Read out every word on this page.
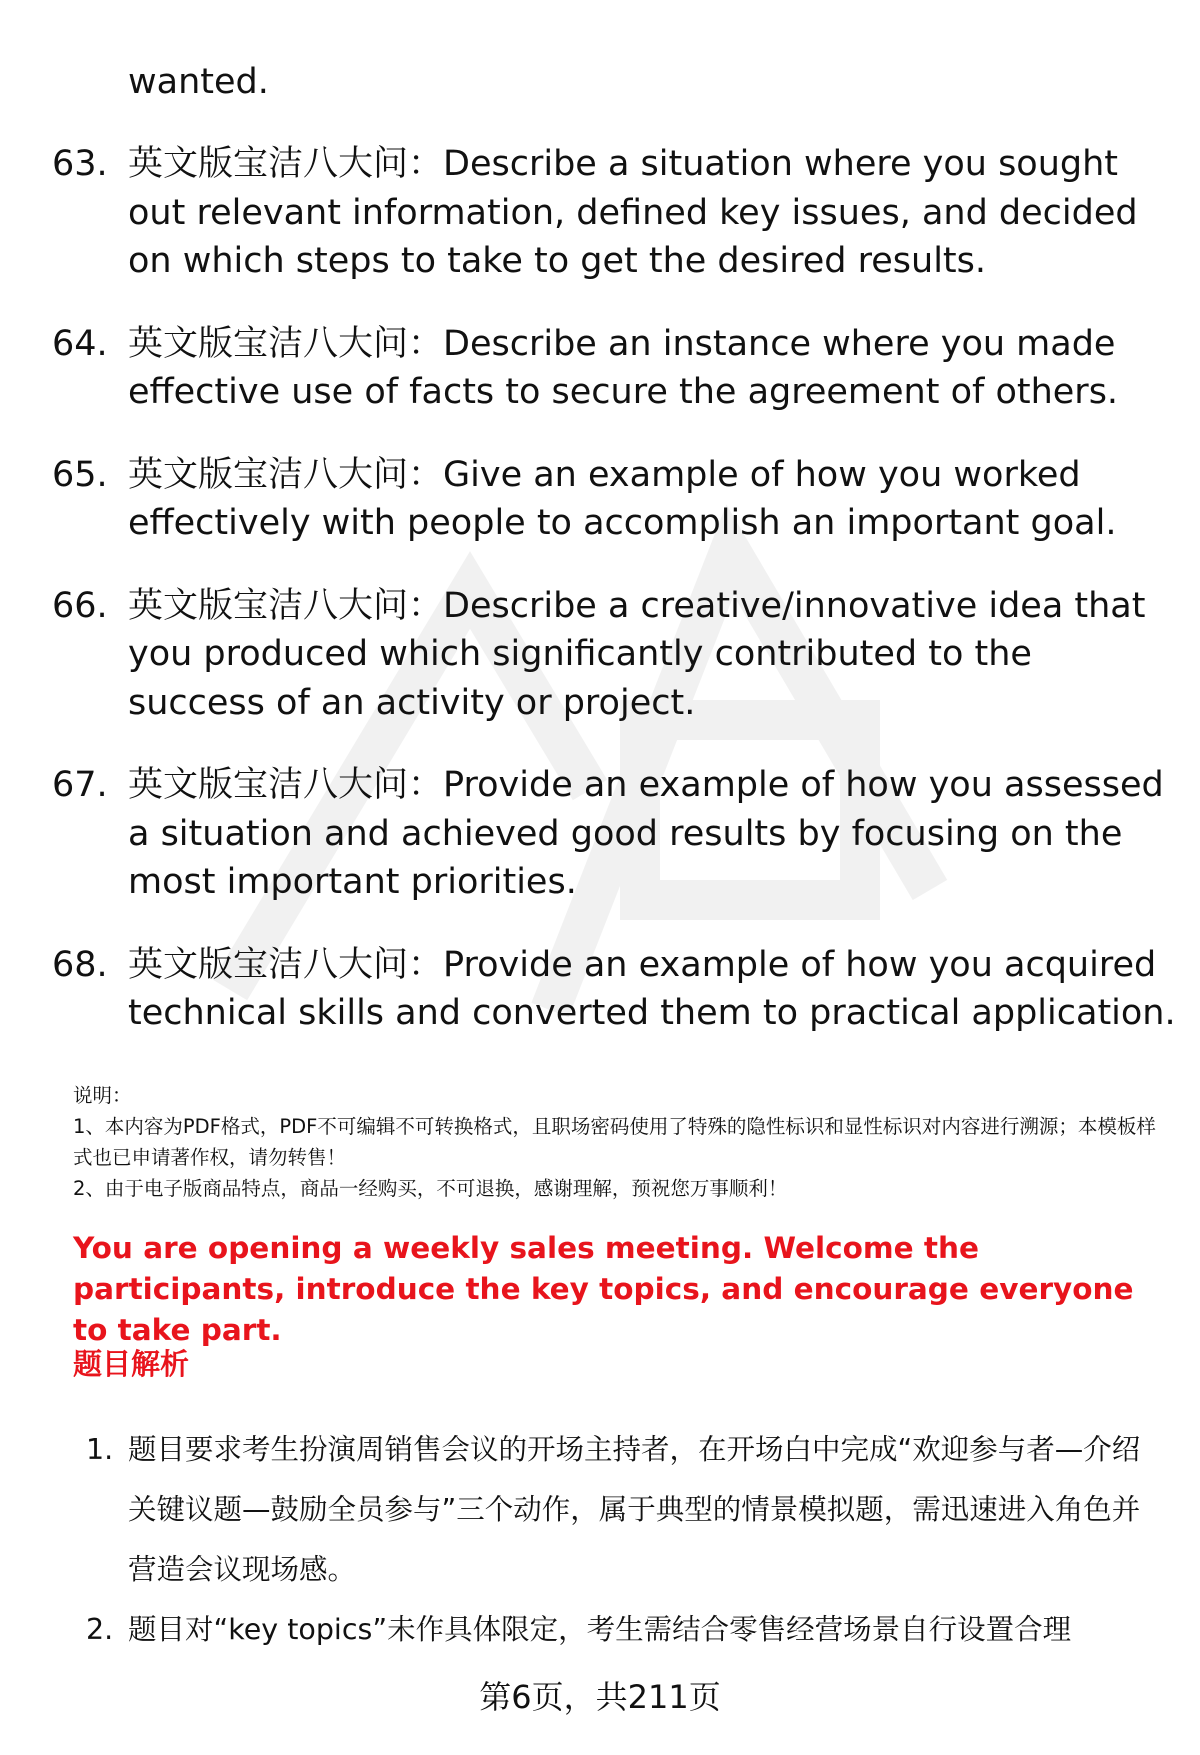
wanted.
63. 英文版宝洁八大问：Describe a situation where you sought out relevant information, defined key issues, and decided on which steps to take to get the desired results.
64. 英文版宝洁八大问：Describe an instance where you made effective use of facts to secure the agreement of others.
65. 英文版宝洁八大问：Give an example of how you worked effectively with people to accomplish an important goal.
66. 英文版宝洁八大问：Describe a creative/innovative idea that you produced which significantly contributed to the success of an activity or project.
67. 英文版宝洁八大问：Provide an example of how you assessed a situation and achieved good results by focusing on the most important priorities.
68. 英文版宝洁八大问：Provide an example of how you acquired technical skills and converted them to practical application.

说明：

1、本内容为PDF格式，PDF不可编辑不可转换格式，且职场密码使用了特殊的隐性标识和显性标识对内容进行溯源；本模板样式也已申请著作权，请勿转售！

2、由于电子版商品特点，商品一经购买，不可退换，感谢理解，预祝您万事顺利！

You are opening a weekly sales meeting. Welcome the participants, introduce the key topics, and encourage everyone to take part.
题目解析
1. 题目要求考生扮演周销售会议的开场主持者，在开场白中完成“欢迎参与者—介绍关键议题—鼓励全员参与”三个动作，属于典型的情景模拟题，需迅速进入角色并营造会议现场感。
2. 题目对“key topics”未作具体限定，考生需结合零售经营场景自行设置合理
第6页，共211页
